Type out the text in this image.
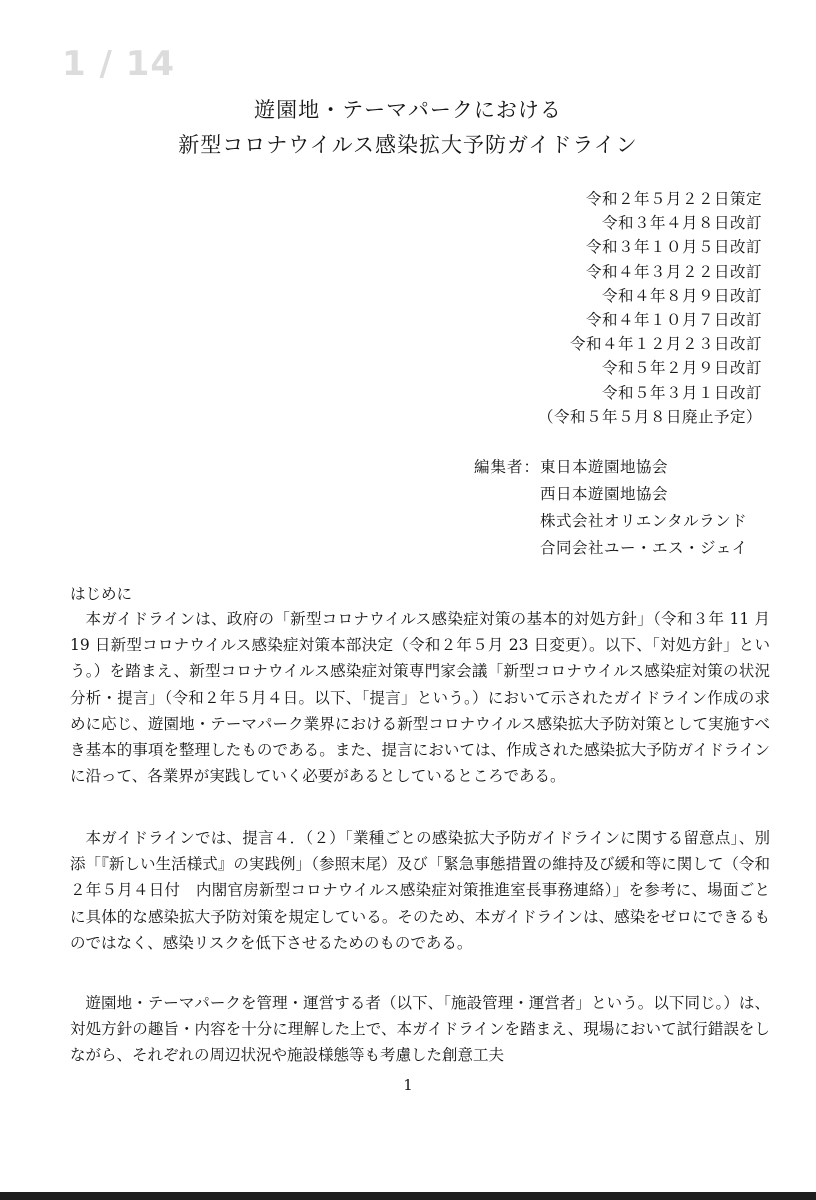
1 / 14
遊園地・テーマパークにおける
新型コロナウイルス感染拡大予防ガイドライン
令和２年５月２２日策定
令和３年４月８日改訂
令和３年１０月５日改訂
令和４年３月２２日改訂
令和４年８月９日改訂
令和４年１０月７日改訂
令和４年１２月２３日改訂
令和５年２月９日改訂
令和５年３月１日改訂
（令和５年５月８日廃止予定）
編集者： 東日本遊園地協会
西日本遊園地協会
株式会社オリエンタルランド
合同会社ユー・エス・ジェイ
はじめに

本ガイドラインは、政府の「新型コロナウイルス感染症対策の基本的対処方針」（令和３年 11 月 19 日新型コロナウイルス感染症対策本部決定（令和２年５月 23 日変更）。以下、「対処方針」という。）を踏まえ、新型コロナウイルス感染症対策専門家会議「新型コロナウイルス感染症対策の状況分析・提言」（令和２年５月４日。以下、「提言」という。）において示されたガイドライン作成の求めに応じ、遊園地・テーマパーク業界における新型コロナウイルス感染拡大予防対策として実施すべき基本的事項を整理したものである。また、提言においては、作成された感染拡大予防ガイドラインに沿って、各業界が実践していく必要があるとしているところである。

本ガイドラインでは、提言４．（２）「業種ごとの感染拡大予防ガイドラインに関する留意点」、別添「『新しい生活様式』の実践例」（参照末尾）及び「緊急事態措置の維持及び緩和等に関して（令和２年５月４日付　内閣官房新型コロナウイルス感染症対策推進室長事務連絡）」を参考に、場面ごとに具体的な感染拡大予防対策を規定している。そのため、本ガイドラインは、感染をゼロにできるものではなく、感染リスクを低下させるためのものである。

遊園地・テーマパークを管理・運営する者（以下、「施設管理・運営者」という。以下同じ。）は、対処方針の趣旨・内容を十分に理解した上で、本ガイドラインを踏まえ、現場において試行錯誤をしながら、それぞれの周辺状況や施設様態等も考慮した創意工夫

1
